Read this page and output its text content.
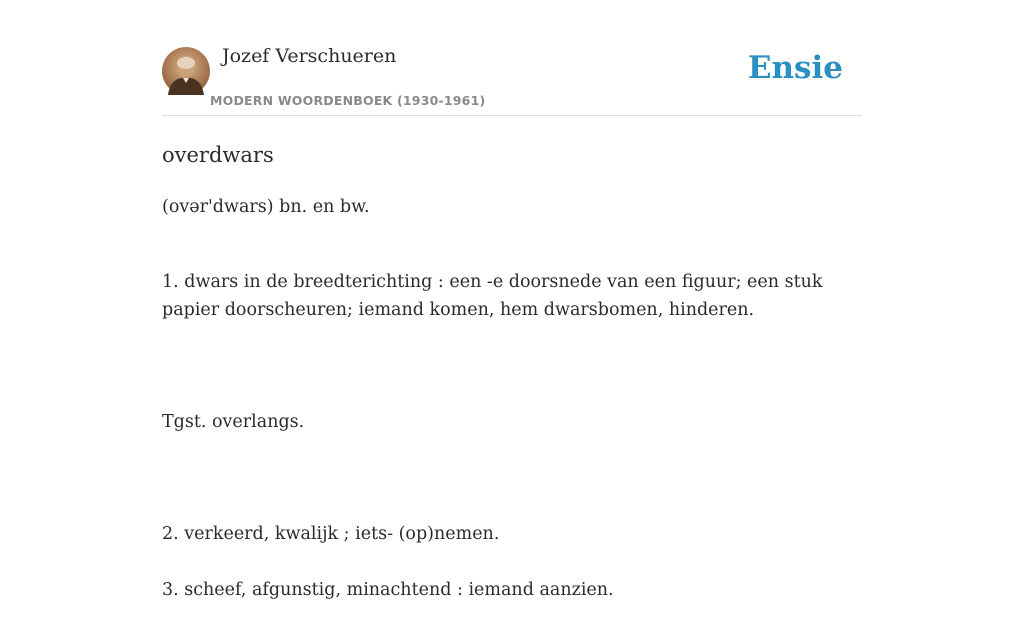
Jozef Verschueren
MODERN WOORDENBOEK (1930-1961)
Ensie
overdwars
(ovər'dwars) bn. en bw.

1. dwars in de breedterichting : een -e doorsnede van een figuur; een stuk papier doorscheuren; iemand komen, hem dwarsbomen, hinderen.

Tgst. overlangs.

2. verkeerd, kwalijk ; iets- (op)nemen.

3. scheef, afgunstig, minachtend : iemand aanzien.
